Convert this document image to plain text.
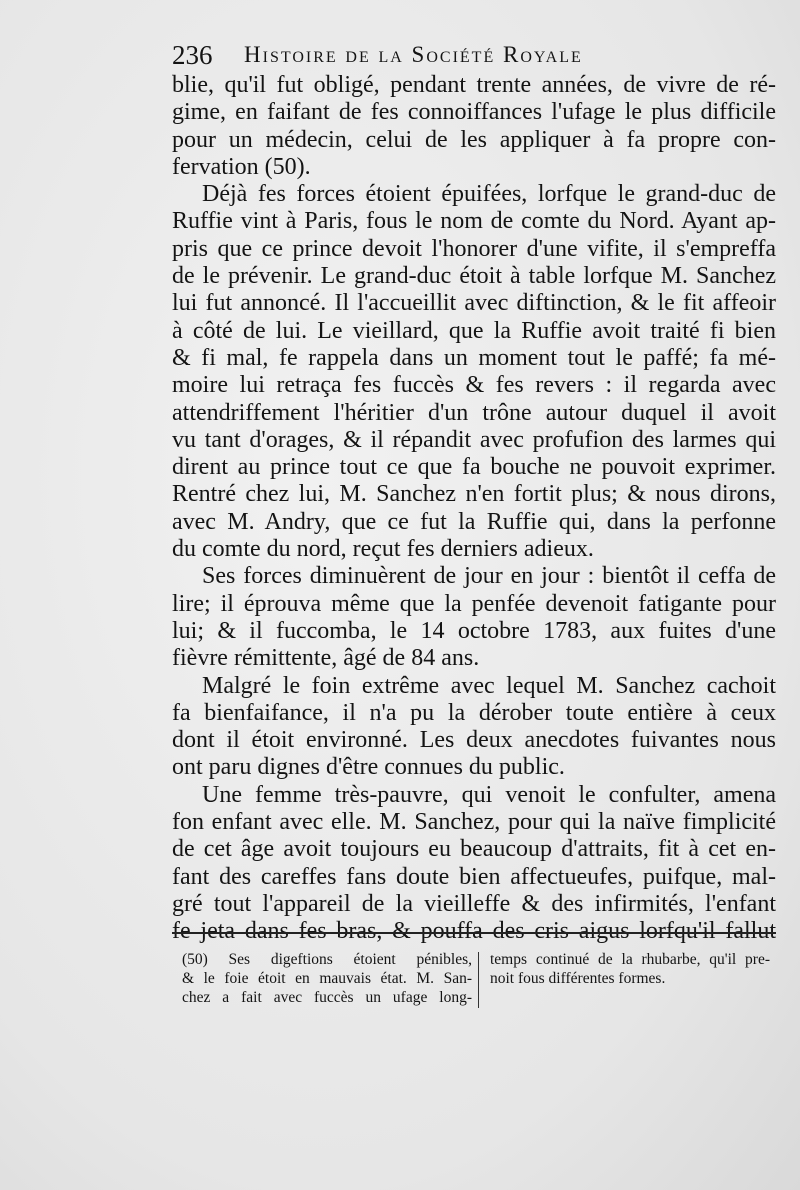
236 Histoire de la Société Royale
blie, qu'il fut obligé, pendant trente années, de vivre de ré-
gime, en faifant de fes connoiffances l'ufage le plus difficile
pour un médecin, celui de les appliquer à fa propre con-
fervation (50).
Déjà fes forces étoient épuifées, lorfque le grand-duc de
Ruffie vint à Paris, fous le nom de comte du Nord. Ayant ap-
pris que ce prince devoit l'honorer d'une vifite, il s'empreffa
de le prévenir. Le grand-duc étoit à table lorfque M. Sanchez
lui fut annoncé. Il l'accueillit avec diftinction, & le fit affeoir
à côté de lui. Le vieillard, que la Ruffie avoit traité fi bien
& fi mal, fe rappela dans un moment tout le paffé; fa mé-
moire lui retraça fes fuccès & fes revers : il regarda avec
attendriffement l'héritier d'un trône autour duquel il avoit
vu tant d'orages, & il répandit avec profufion des larmes qui
dirent au prince tout ce que fa bouche ne pouvoit exprimer.
Rentré chez lui, M. Sanchez n'en fortit plus; & nous dirons,
avec M. Andry, que ce fut la Ruffie qui, dans la perfonne
du comte du nord, reçut fes derniers adieux.
Ses forces diminuèrent de jour en jour : bientôt il ceffa de
lire; il éprouva même que la penfée devenoit fatigante pour
lui; & il fuccomba, le 14 octobre 1783, aux fuites d'une
fièvre rémittente, âgé de 84 ans.
Malgré le foin extrême avec lequel M. Sanchez cachoit
fa bienfaifance, il n'a pu la dérober toute entière à ceux
dont il étoit environné. Les deux anecdotes fuivantes nous
ont paru dignes d'être connues du public.
Une femme très-pauvre, qui venoit le confulter, amena
fon enfant avec elle. M. Sanchez, pour qui la naïve fimplicité
de cet âge avoit toujours eu beaucoup d'attraits, fit à cet en-
fant des careffes fans doute bien affectueufes, puifque, mal-
gré tout l'appareil de la vieilleffe & des infirmités, l'enfant
fe jeta dans fes bras, & pouffa des cris aigus lorfqu'il fallut
(50) Ses digeftions étoient pénibles,
& le foie étoit en mauvais état. M. San-
chez a fait avec fuccès un ufage long-
temps continué de la rhubarbe, qu'il pre-
noit fous différentes formes.
